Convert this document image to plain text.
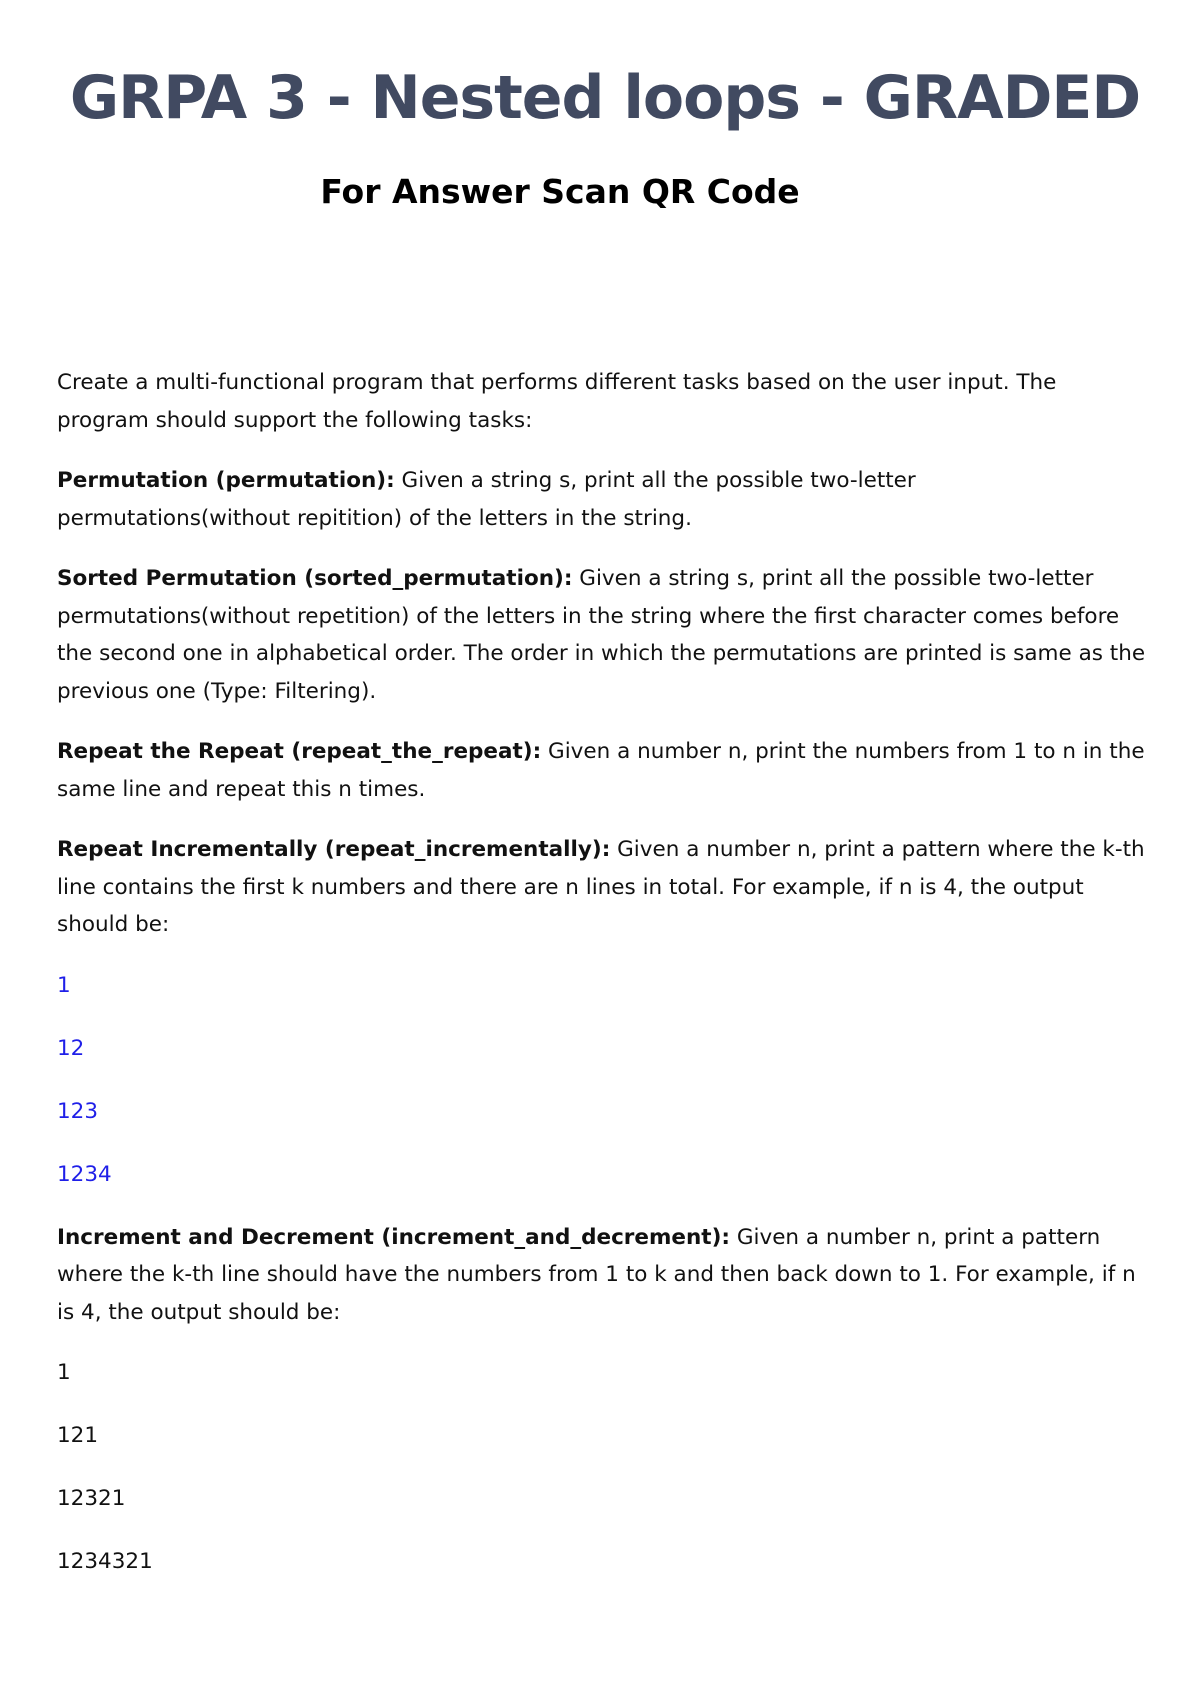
GRPA 3 - Nested loops - GRADED
For Answer Scan QR Code

Create a multi-functional program that performs different tasks based on the user input. The program should support the following tasks:

Permutation (permutation): Given a string s, print all the possible two-letter permutations(without repitition) of the letters in the string.

Sorted Permutation (sorted_permutation): Given a string s, print all the possible two-letter permutations(without repetition) of the letters in the string where the first character comes before the second one in alphabetical order. The order in which the permutations are printed is same as the previous one (Type: Filtering).

Repeat the Repeat (repeat_the_repeat): Given a number n, print the numbers from 1 to n in the same line and repeat this n times.

Repeat Incrementally (repeat_incrementally): Given a number n, print a pattern where the k-th line contains the first k numbers and there are n lines in total. For example, if n is 4, the output should be:

1
12
123
1234

Increment and Decrement (increment_and_decrement): Given a number n, print a pattern where the k-th line should have the numbers from 1 to k and then back down to 1. For example, if n is 4, the output should be:

1
121
12321
1234321
